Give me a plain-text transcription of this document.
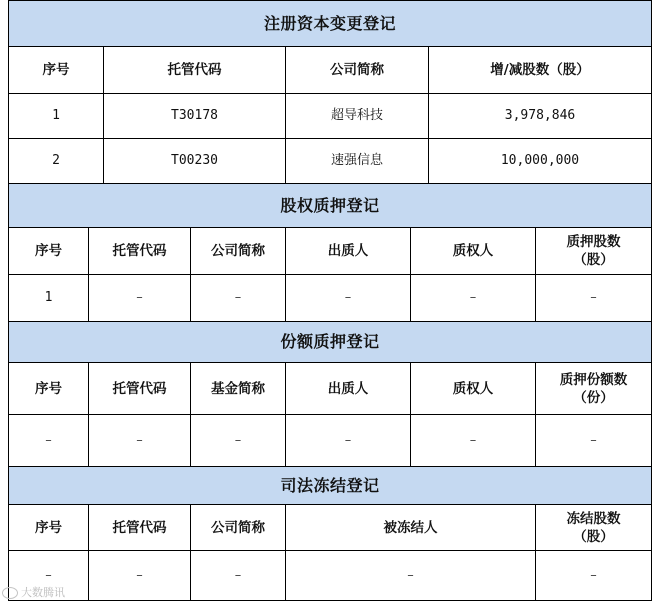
注册资本变更登记			
序号	托管代码	公司简称	增/减股数（股）
1	T30178	超导科技	3,978,846
2	T00230	速强信息	10,000,000
股权质押登记					
序号	托管代码	公司简称	出质人	质权人	质押股数
（股）
1	–	–	–	–	–
份额质押登记					
序号	托管代码	基金简称	出质人	质权人	质押份额数
（份）
–	–	–	–	–	–
司法冻结登记				
序号	托管代码	公司简称	被冻结人	冻结股数
（股）
–	–	–	–	–
大数腾讯
